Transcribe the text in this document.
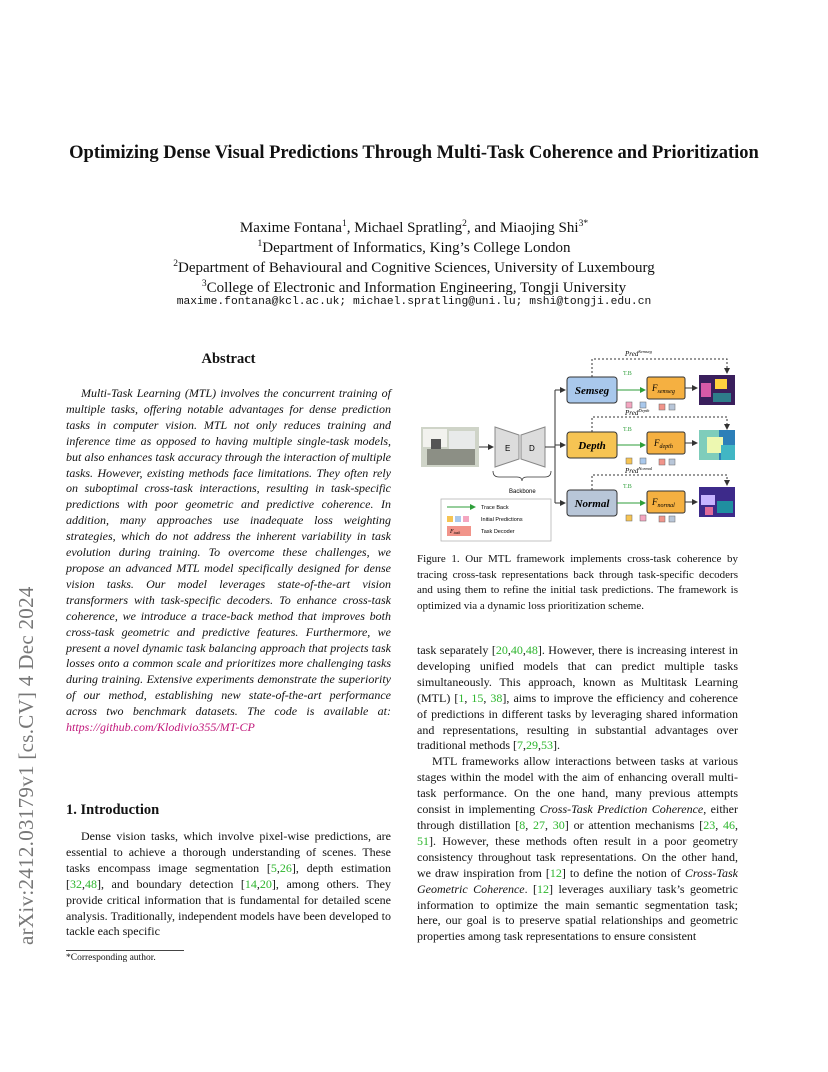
Optimizing Dense Visual Predictions Through Multi-Task Coherence and Prioritization
Maxime Fontana$^1$, Michael Spratling$^2$, and Miaojing Shi$^{3*}$
$^1$Department of Informatics, King’s College London
$^2$Department of Behavioural and Cognitive Sciences, University of Luxembourg
$^3$College of Electronic and Information Engineering, Tongji University
maxime.fontana@kcl.ac.uk; michael.spratling@uni.lu; mshi@tongji.edu.cn
arXiv:2412.03179v1 [cs.CV] 4 Dec 2024
Abstract

Multi-Task Learning (MTL) involves the concurrent training of multiple tasks, offering notable advantages for dense prediction tasks in computer vision. MTL not only reduces training and inference time as opposed to having multiple single-task models, but also enhances task accuracy through the interaction of multiple tasks. However, existing methods face limitations. They often rely on suboptimal cross-task interactions, resulting in task-specific predictions with poor geometric and predictive coherence. In addition, many approaches use inadequate loss weighting strategies, which do not address the inherent variability in task evolution during training. To overcome these challenges, we propose an advanced MTL model specifically designed for dense vision tasks. Our model leverages state-of-the-art vision transformers with task-specific decoders. To enhance cross-task coherence, we introduce a trace-back method that improves both cross-task geometric and predictive features. Furthermore, we present a novel dynamic task balancing approach that projects task losses onto a common scale and prioritizes more challenging tasks during training. Extensive experiments demonstrate the superiority of our method, establishing new state-of-the-art performance across two benchmark datasets. The code is available at: https://github.com/Klodivio355/MT-CP

1. Introduction

Dense vision tasks, which involve pixel-wise predictions, are essential to achieve a thorough understanding of scenes. These tasks encompass image segmentation [5,26], depth estimation [32,48], and boundary detection [14,20], among others. They provide critical information that is fundamental for detailed scene analysis. Traditionally, independent models have been developed to tackle each specific

*Corresponding author.
E D
Backbone
Semseg
Depth
Normal
T.B
$F_{semseg}$
T.B
$F_{depth}$
T.B
$F_{normal}$
Pred$^{Semseg}$
Pred$^{Depth}$
Pred$^{Normal}$
Trace Back
Initial Predictions
Ftask	Task Decoder
Figure 1. Our MTL framework implements cross-task coherence by tracing cross-task representations back through task-specific decoders and using them to refine the initial task predictions. The framework is optimized via a dynamic loss prioritization scheme.

task separately [20,40,48]. However, there is increasing interest in developing unified models that can predict multiple tasks simultaneously. This approach, known as Multitask Learning (MTL) [1, 15, 38], aims to improve the efficiency and coherence of predictions in different tasks by leveraging shared information and representations, resulting in substantial advantages over traditional methods [7,29,53].

MTL frameworks allow interactions between tasks at various stages within the model with the aim of enhancing overall multi-task performance. On the one hand, many previous attempts consist in implementing Cross-Task Prediction Coherence, either through distillation [8, 27, 30] or attention mechanisms [23, 46, 51]. However, these methods often result in a poor geometry consistency throughout task representations. On the other hand, we draw inspiration from [12] to define the notion of Cross-Task Geometric Coherence. [12] leverages auxiliary task’s geometric information to optimize the main semantic segmentation task; here, our goal is to preserve spatial relationships and geometric properties among task representations to ensure consistent
